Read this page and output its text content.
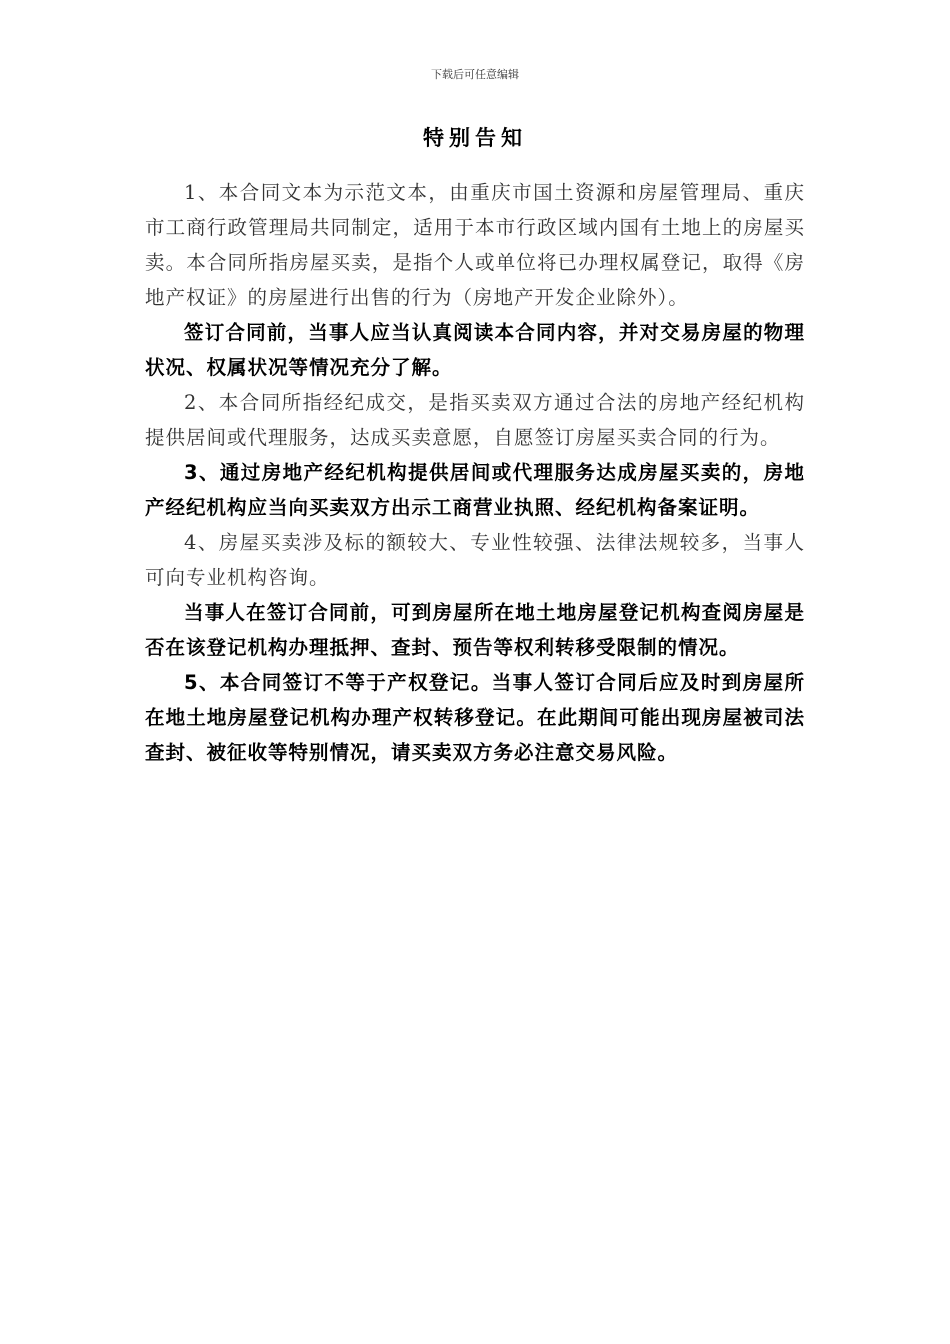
下载后可任意编辑
特别告知

1、本合同文本为示范文本，由重庆市国土资源和房屋管理局、重庆市工商行政管理局共同制定，适用于本市行政区域内国有土地上的房屋买卖。本合同所指房屋买卖，是指个人或单位将已办理权属登记，取得《房地产权证》的房屋进行出售的行为（房地产开发企业除外）。

签订合同前，当事人应当认真阅读本合同内容，并对交易房屋的物理状况、权属状况等情况充分了解。

2、本合同所指经纪成交，是指买卖双方通过合法的房地产经纪机构提供居间或代理服务，达成买卖意愿，自愿签订房屋买卖合同的行为。

3、通过房地产经纪机构提供居间或代理服务达成房屋买卖的，房地产经纪机构应当向买卖双方出示工商营业执照、经纪机构备案证明。

4、房屋买卖涉及标的额较大、专业性较强、法律法规较多，当事人可向专业机构咨询。

当事人在签订合同前，可到房屋所在地土地房屋登记机构查阅房屋是否在该登记机构办理抵押、查封、预告等权利转移受限制的情况。

5、本合同签订不等于产权登记。当事人签订合同后应及时到房屋所在地土地房屋登记机构办理产权转移登记。在此期间可能出现房屋被司法查封、被征收等特别情况，请买卖双方务必注意交易风险。
